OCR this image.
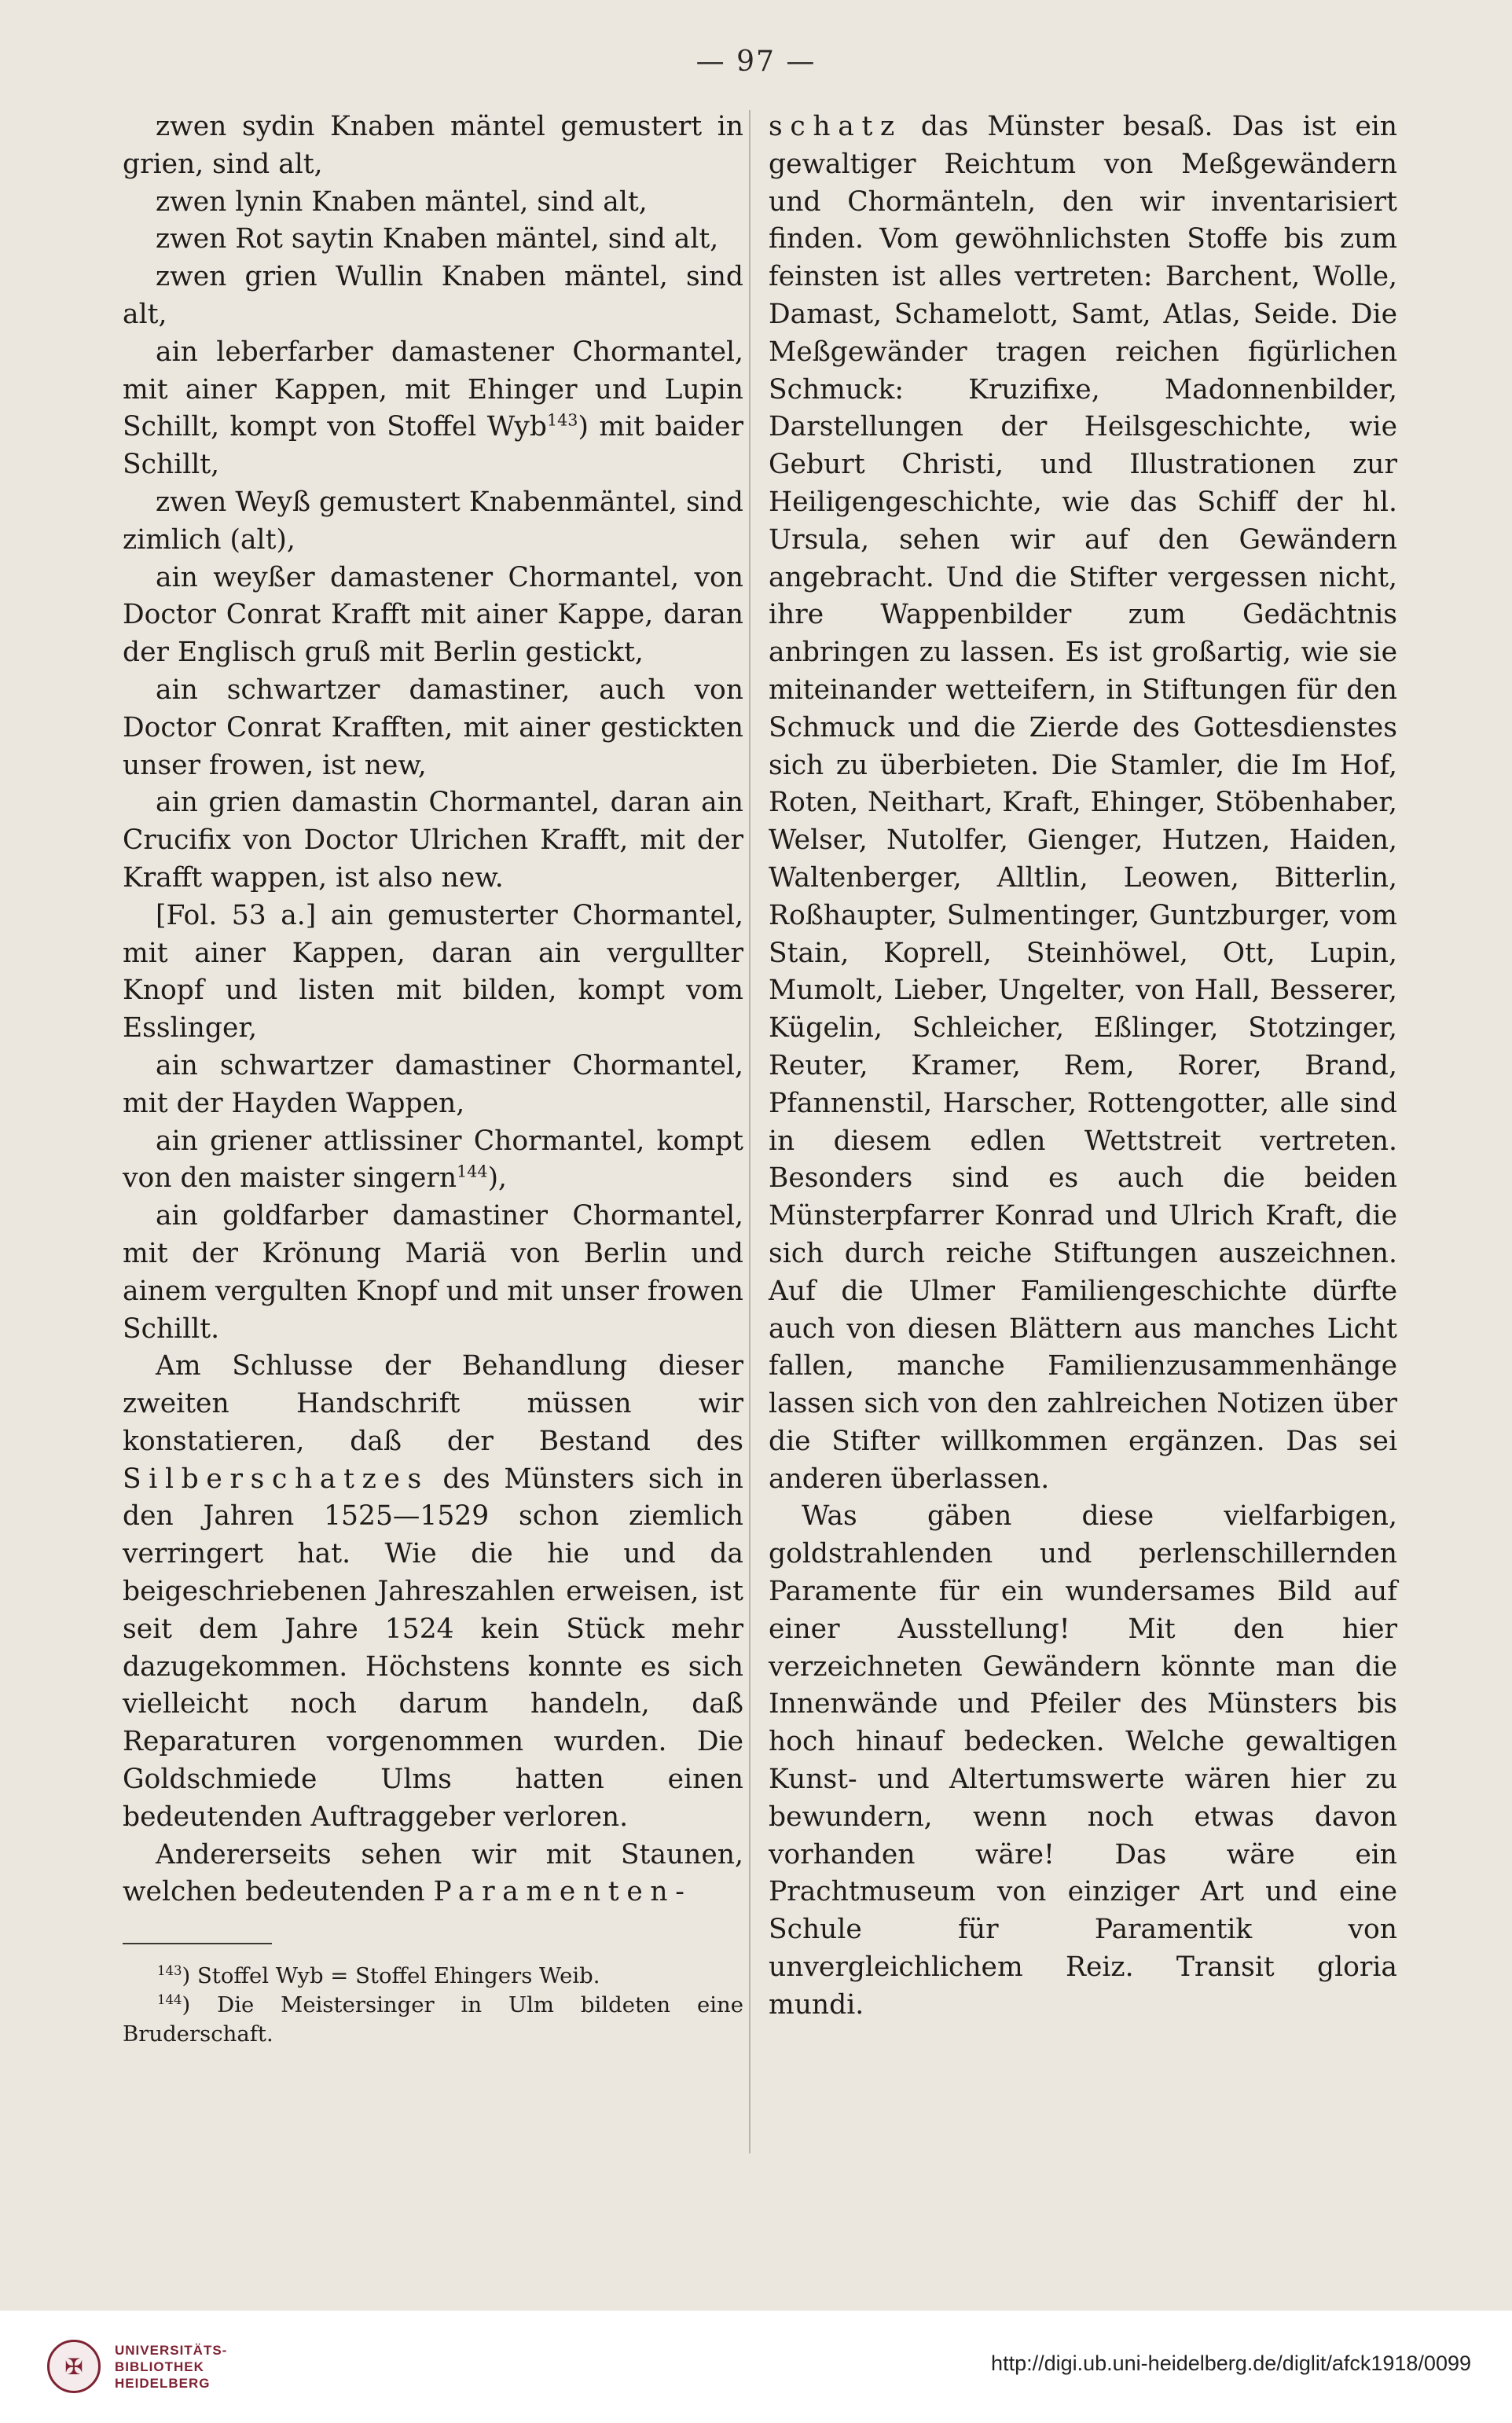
— 97 —

zwen sydin Knaben mäntel gemustert in grien, sind alt,

zwen lynin Knaben mäntel, sind alt,

zwen Rot saytin Knaben mäntel, sind alt,

zwen grien Wullin Knaben mäntel, sind alt,

ain leberfarber damastener Chormantel, mit ainer Kappen, mit Ehinger und Lupin Schillt, kompt von Stoffel Wyb$^{143}$) mit baider Schillt,

zwen Weyß gemustert Knabenmäntel, sind zimlich (alt),

ain weyßer damastener Chormantel, von Doctor Conrat Krafft mit ainer Kappe, daran der Englisch gruß mit Berlin gestickt,

ain schwartzer damastiner, auch von Doctor Conrat Krafften, mit ainer gestickten unser frowen, ist new,

ain grien damastin Chormantel, daran ain Crucifix von Doctor Ulrichen Krafft, mit der Krafft wappen, ist also new.

[Fol. 53 a.] ain gemusterter Chormantel, mit ainer Kappen, daran ain vergullter Knopf und listen mit bilden, kompt vom Esslinger,

ain schwartzer damastiner Chormantel, mit der Hayden Wappen,

ain griener attlissiner Chormantel, kompt von den maister singern$^{144}$),

ain goldfarber damastiner Chormantel, mit der Krönung Mariä von Berlin und ainem vergulten Knopf und mit unser frowen Schillt.

Am Schlusse der Behandlung dieser zweiten Handschrift müssen wir konstatieren, daß der Bestand des Silberschatzes des Münsters sich in den Jahren 1525—1529 schon ziemlich verringert hat. Wie die hie und da beigeschriebenen Jahreszahlen erweisen, ist seit dem Jahre 1524 kein Stück mehr dazugekommen. Höchstens konnte es sich vielleicht noch darum handeln, daß Reparaturen vorgenommen wurden. Die Goldschmiede Ulms hatten einen bedeutenden Auftraggeber verloren.

Andererseits sehen wir mit Staunen, welchen bedeutenden Paramenten-

$^{143}$) Stoffel Wyb = Stoffel Ehingers Weib.

$^{144}$) Die Meistersinger in Ulm bildeten eine Bruderschaft.

schatz das Münster besaß. Das ist ein gewaltiger Reichtum von Meßgewändern und Chormänteln, den wir inventarisiert finden. Vom gewöhnlichsten Stoffe bis zum feinsten ist alles vertreten: Barchent, Wolle, Damast, Schamelott, Samt, Atlas, Seide. Die Meßgewänder tragen reichen figürlichen Schmuck: Kruzifixe, Madonnenbilder, Darstellungen der Heilsgeschichte, wie Geburt Christi, und Illustrationen zur Heiligengeschichte, wie das Schiff der hl. Ursula, sehen wir auf den Gewändern angebracht. Und die Stifter vergessen nicht, ihre Wappenbilder zum Gedächtnis anbringen zu lassen. Es ist großartig, wie sie miteinander wetteifern, in Stiftungen für den Schmuck und die Zierde des Gottesdienstes sich zu überbieten. Die Stamler, die Im Hof, Roten, Neithart, Kraft, Ehinger, Stöbenhaber, Welser, Nutolfer, Gienger, Hutzen, Haiden, Waltenberger, Alltlin, Leowen, Bitterlin, Roßhaupter, Sulmentinger, Guntzburger, vom Stain, Koprell, Steinhöwel, Ott, Lupin, Mumolt, Lieber, Ungelter, von Hall, Besserer, Kügelin, Schleicher, Eßlinger, Stotzinger, Reuter, Kramer, Rem, Rorer, Brand, Pfannenstil, Harscher, Rottengotter, alle sind in diesem edlen Wettstreit vertreten. Besonders sind es auch die beiden Münsterpfarrer Konrad und Ulrich Kraft, die sich durch reiche Stiftungen auszeichnen. Auf die Ulmer Familiengeschichte dürfte auch von diesen Blättern aus manches Licht fallen, manche Familienzusammenhänge lassen sich von den zahlreichen Notizen über die Stifter willkommen ergänzen. Das sei anderen überlassen.

Was gäben diese vielfarbigen, goldstrahlenden und perlenschillernden Paramente für ein wundersames Bild auf einer Ausstellung! Mit den hier verzeichneten Gewändern könnte man die Innenwände und Pfeiler des Münsters bis hoch hinauf bedecken. Welche gewaltigen Kunst- und Altertumswerte wären hier zu bewundern, wenn noch etwas davon vorhanden wäre! Das wäre ein Prachtmuseum von einziger Art und eine Schule für Paramentik von unvergleichlichem Reiz. Transit gloria mundi.

✠
UNIVERSITÄTS-
BIBLIOTHEK
HEIDELBERG
http://digi.ub.uni-heidelberg.de/diglit/afck1918/0099
